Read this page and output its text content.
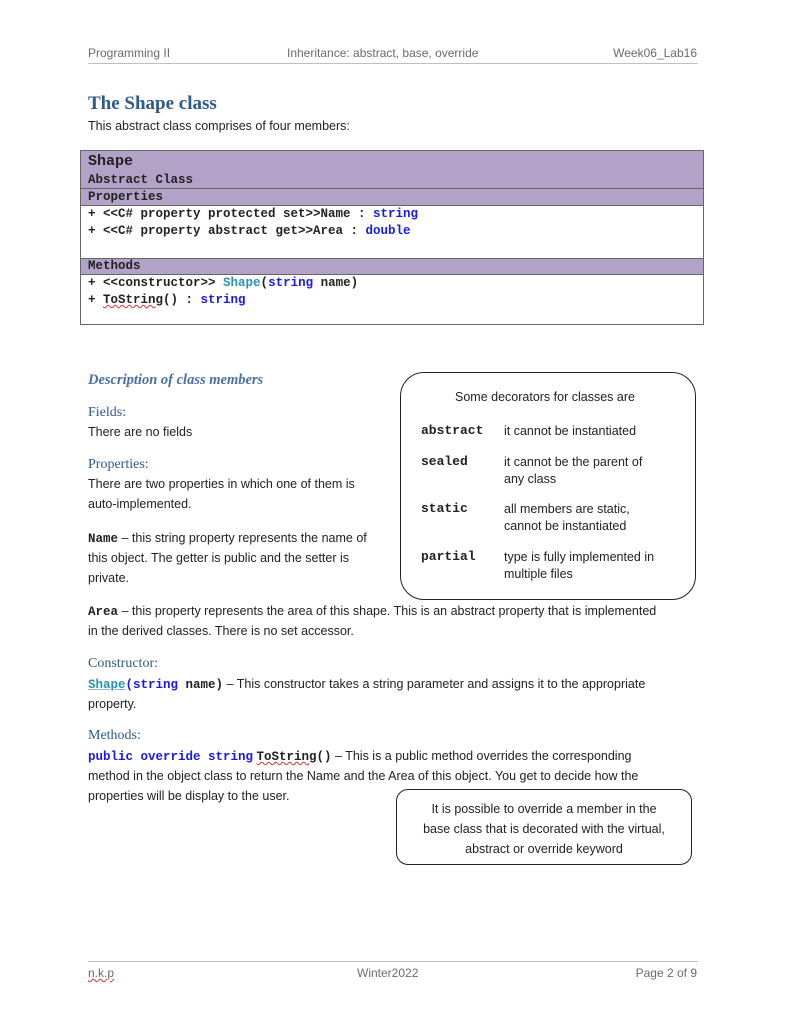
Programming II	Inheritance: abstract, base, override	Week06_Lab16
The Shape class
This abstract class comprises of four members:
Shape
Abstract Class
Properties
+ <<C# property protected set>>Name : string
+ <<C# property abstract get>>Area : double
Methods
+ <<constructor>> Shape(string name)
+ ToString() : string
Description of class members
Fields:
There are no fields
Properties:
There are two properties in which one of them is
auto-implemented.
Name – this string property represents the name of
this object. The getter is public and the setter is
private.
Area – this property represents the area of this shape. This is an abstract property that is implemented
in the derived classes. There is no set accessor.
Constructor:
Shape(string name) – This constructor takes a string parameter and assigns it to the appropriate
property.
Methods:
public override string ToString() – This is a public method overrides the corresponding
method in the object class to return the Name and the Area of this object. You get to decide how the
properties will be display to the user.
Some decorators for classes are
abstract it cannot be instantiated
sealed	it cannot be the parent of
any class
static	all members are static,
cannot be instantiated
partial type is fully implemented in
multiple files
It is possible to override a member in the
base class that is decorated with the virtual,
abstract or override keyword
n.k.p	Winter2022	Page 2 of 9
